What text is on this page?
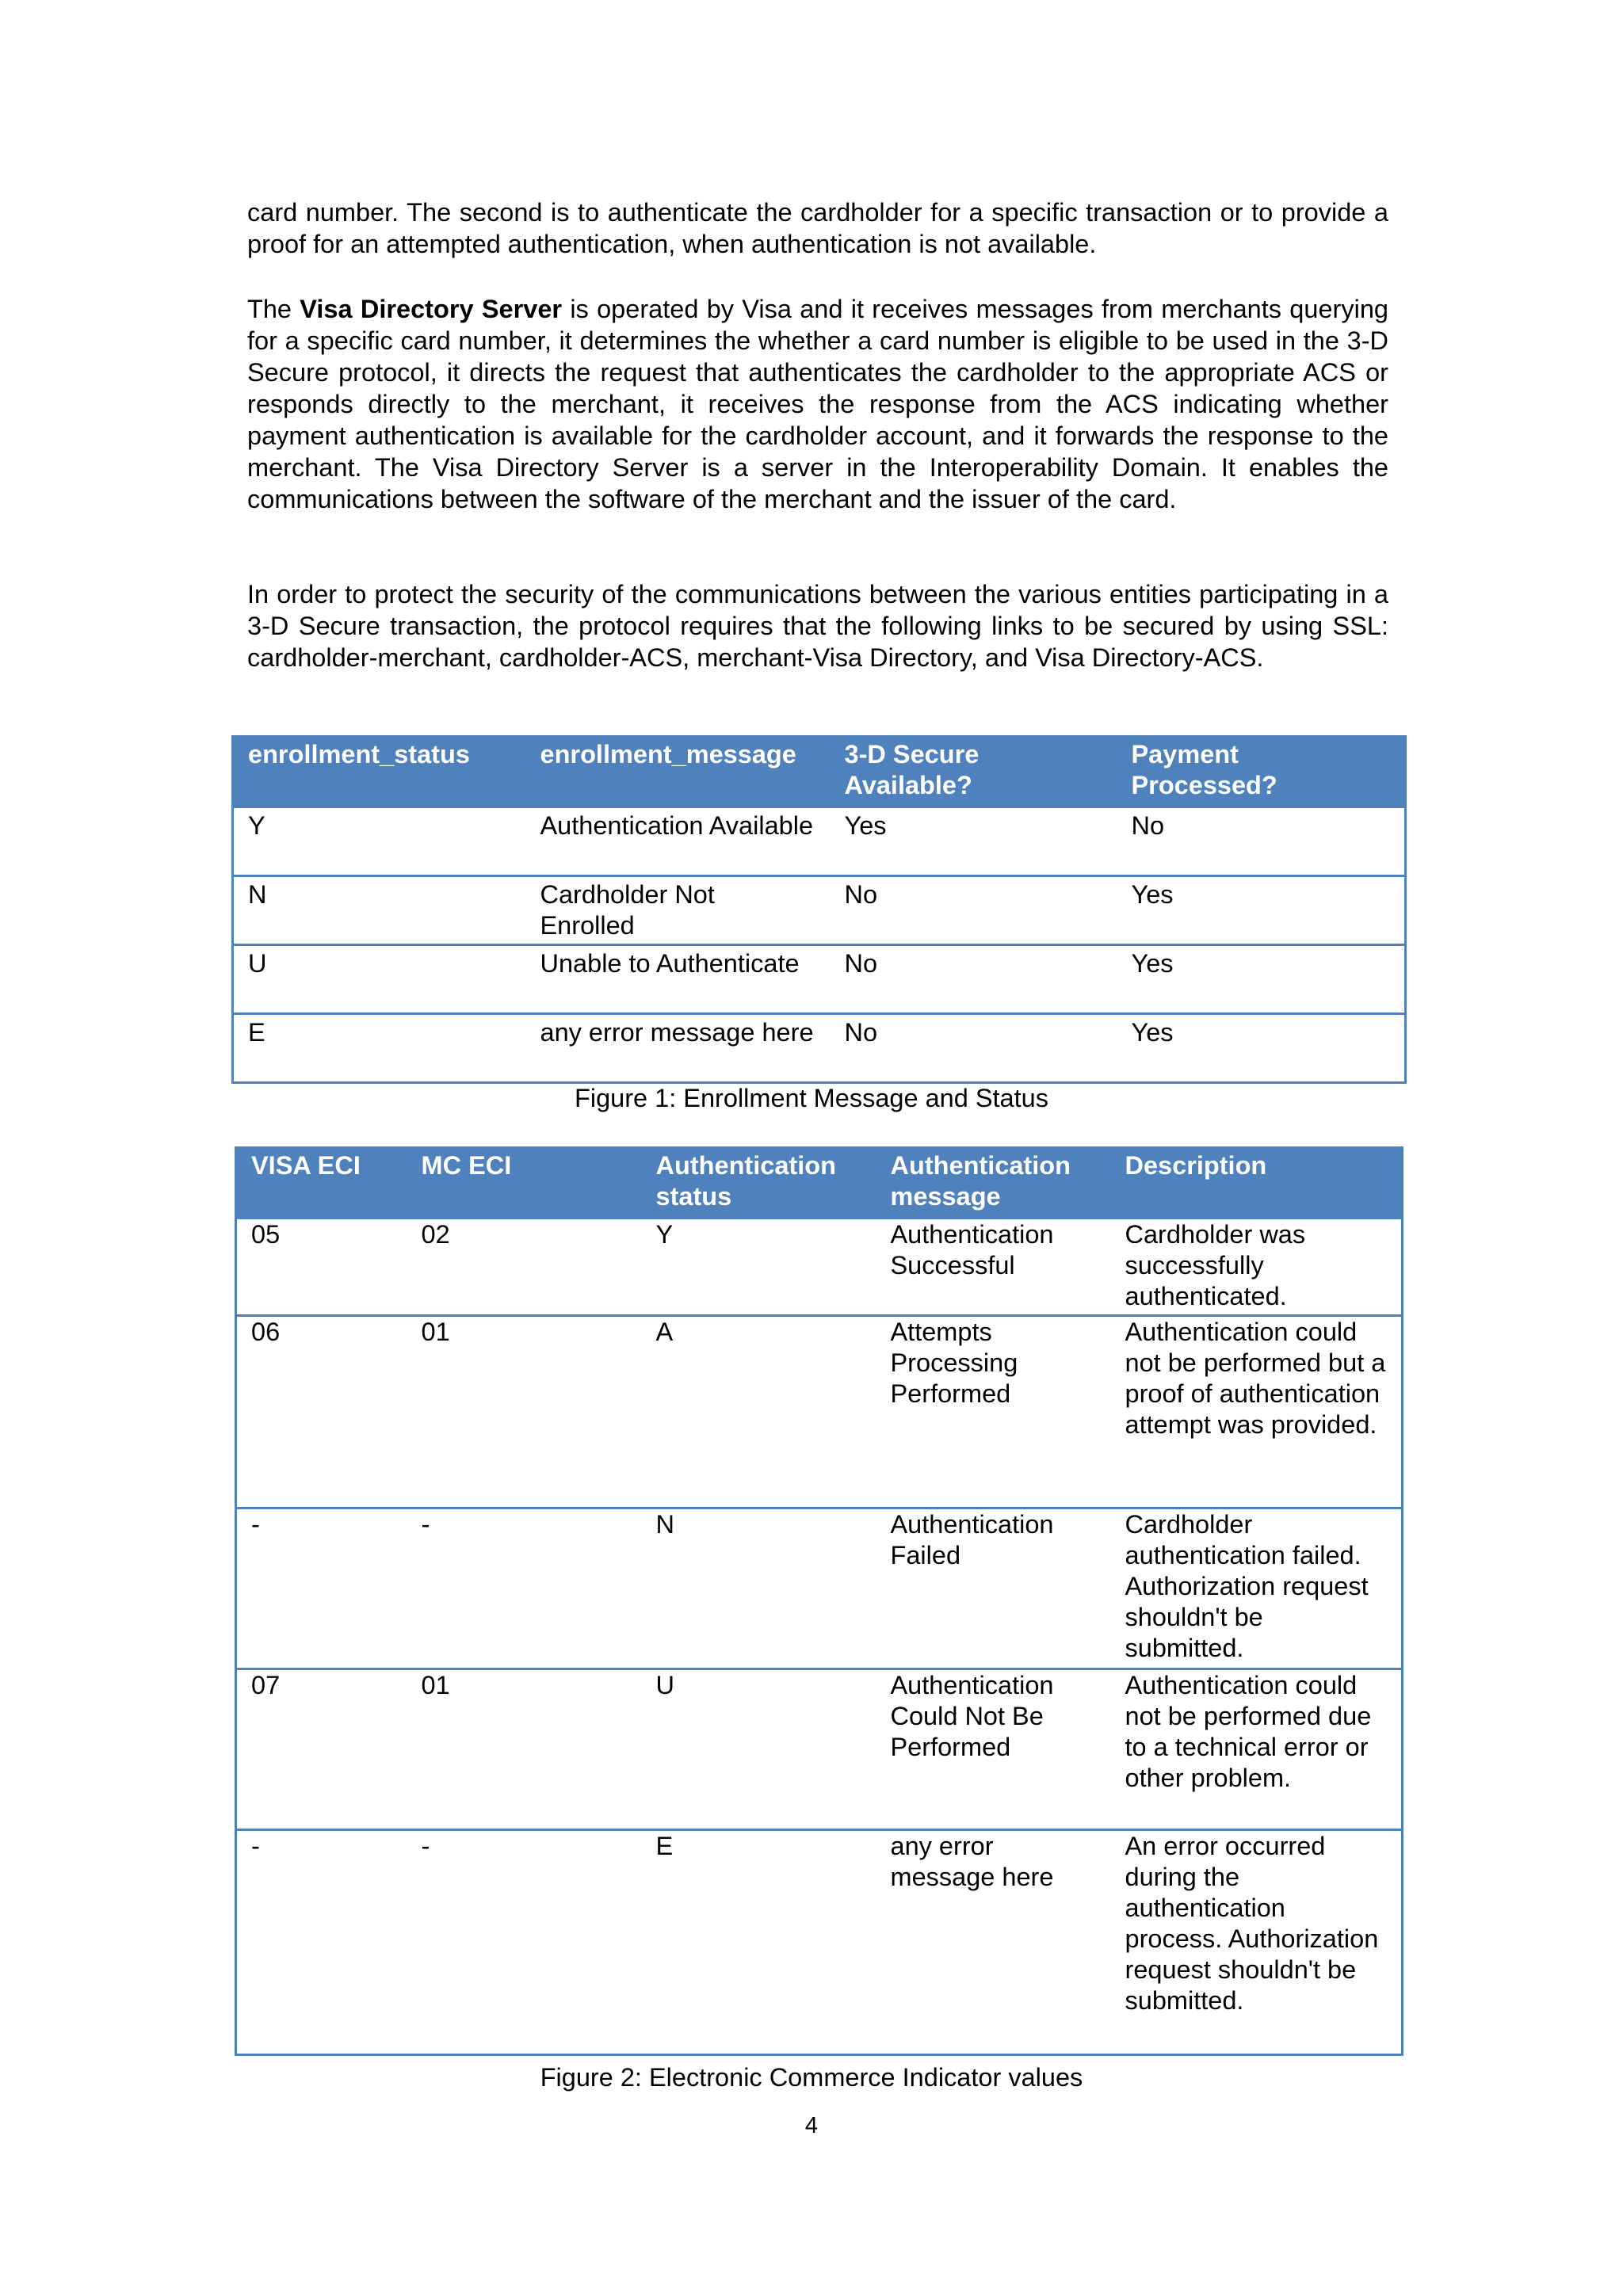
card number. The second is to authenticate the cardholder for a specific transaction or to provide a proof for an attempted authentication, when authentication is not available.

The Visa Directory Server is operated by Visa and it receives messages from merchants querying for a specific card number, it determines the whether a card number is eligible to be used in the 3-D Secure protocol, it directs the request that authenticates the cardholder to the appropriate ACS or responds directly to the merchant, it receives the response from the ACS indicating whether payment authentication is available for the cardholder account, and it forwards the response to the merchant. The Visa Directory Server is a server in the Interoperability Domain. It enables the communications between the software of the merchant and the issuer of the card.

In order to protect the security of the communications between the various entities participating in a 3-D Secure transaction, the protocol requires that the following links to be secured by using SSL: cardholder-merchant, cardholder-ACS, merchant-Visa Directory, and Visa Directory-ACS.

enrollment_status	enrollment_message	3-D Secure Available?	Payment Processed?
Y	Authentication Available	Yes	No
N	Cardholder Not Enrolled	No	Yes
U	Unable to Authenticate	No	Yes
E	any error message here	No	Yes

Figure 1: Enrollment Message and Status

VISA ECI	MC ECI	Authentication status	Authentication message	Description
05	02	Y	Authentication Successful	Cardholder was successfully authenticated.
06	01	A	Attempts Processing Performed	Authentication could not be performed but a proof of authentication attempt was provided.
-	-	N	Authentication Failed	Cardholder authentication failed. Authorization request shouldn't be submitted.
07	01	U	Authentication Could Not Be Performed	Authentication could not be performed due to a technical error or other problem.
-	-	E	any error message here	An error occurred during the authentication process. Authorization request shouldn't be submitted.

Figure 2: Electronic Commerce Indicator values

4
